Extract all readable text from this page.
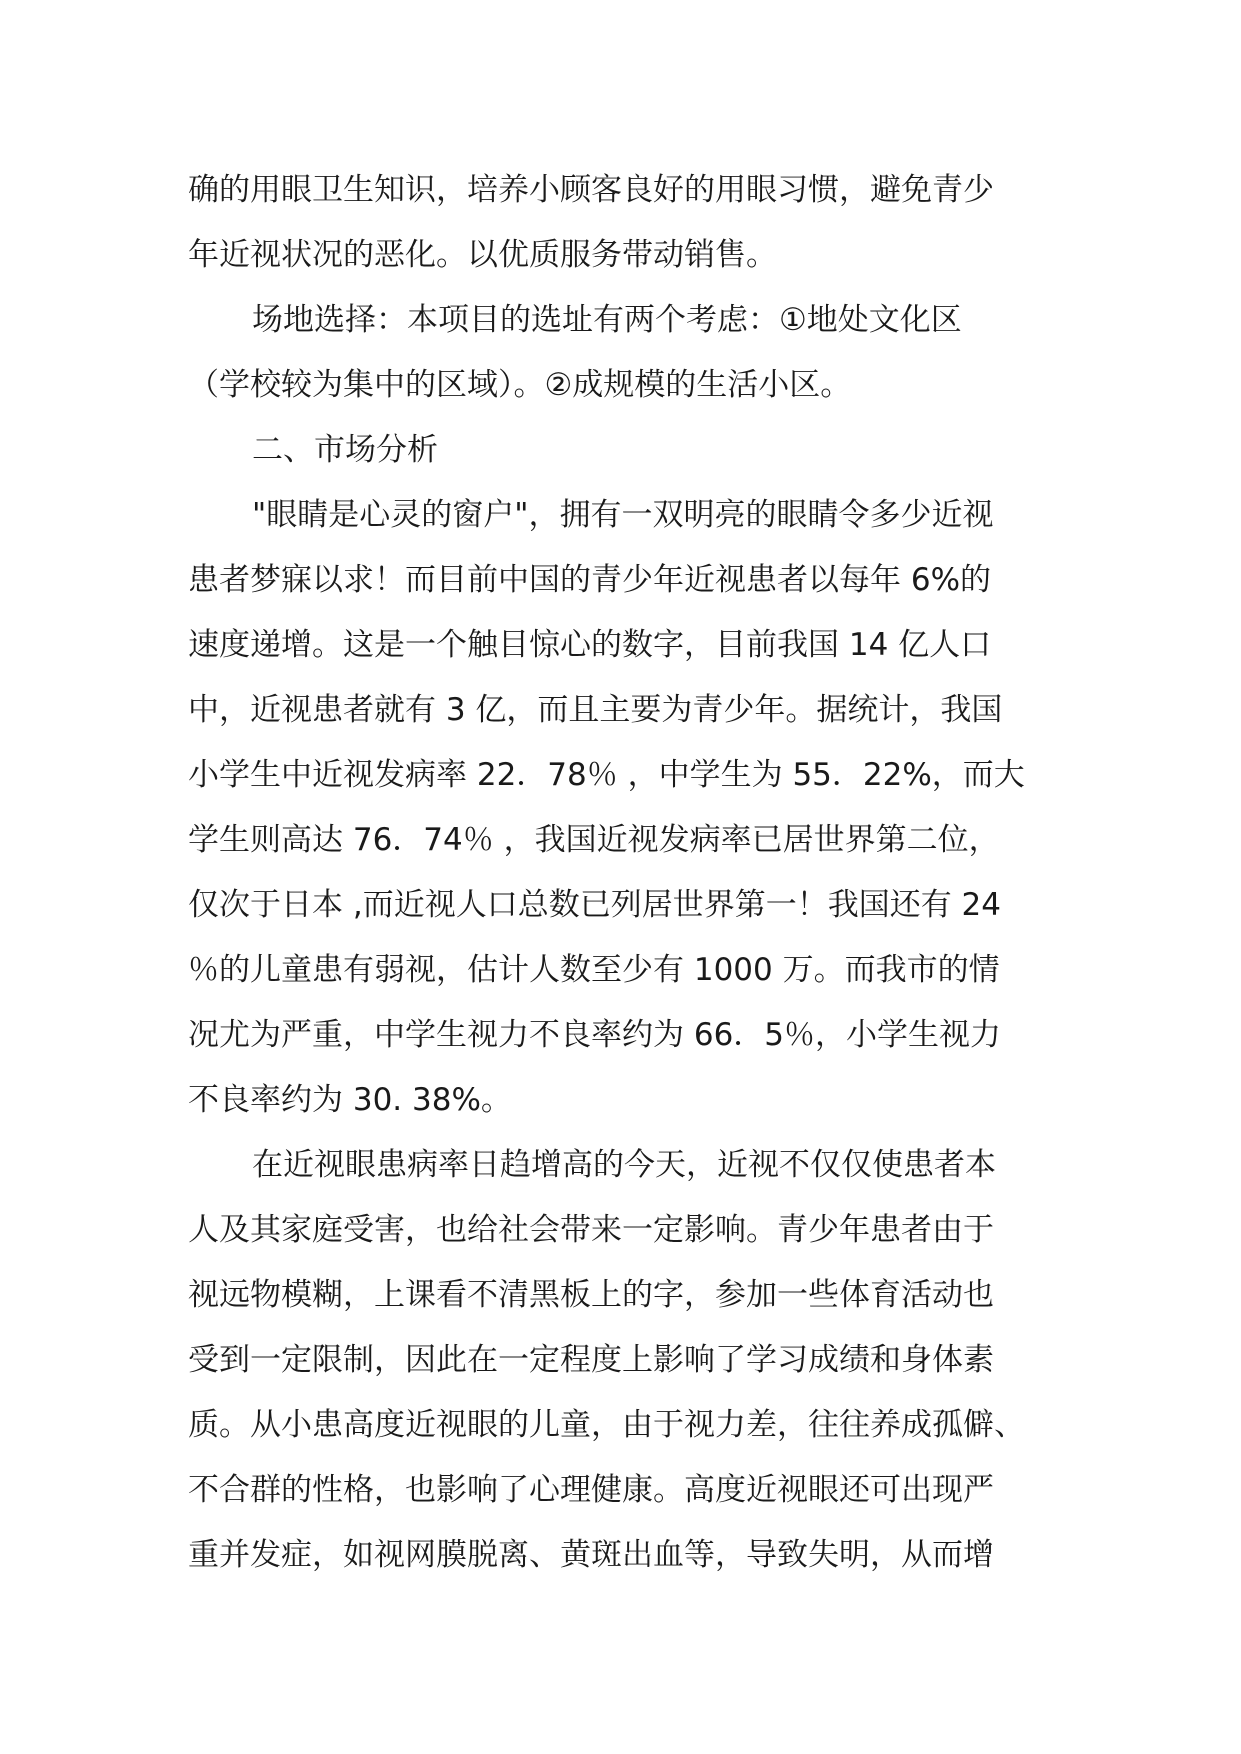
确的用眼卫生知识，培养小顾客良好的用眼习惯，避免青少
年近视状况的恶化。以优质服务带动销售。
场地选择：本项目的选址有两个考虑：①地处文化区
（学校较为集中的区域）。②成规模的生活小区。
二、市场分析
"眼睛是心灵的窗户"，拥有一双明亮的眼睛令多少近视
患者梦寐以求！而目前中国的青少年近视患者以每年 6%的
速度递增。这是一个触目惊心的数字，目前我国 14 亿人口
中，近视患者就有 3 亿，而且主要为青少年。据统计，我国
小学生中近视发病率 22．78％ ，中学生为 55．22%，而大
学生则高达 76．74％ ，我国近视发病率已居世界第二位，
仅次于日本 ,而近视人口总数已列居世界第一！我国还有 24
％的儿童患有弱视，估计人数至少有 1000 万。而我市的情
况尤为严重，中学生视力不良率约为 66．5％，小学生视力
不良率约为 30. 38%。
在近视眼患病率日趋增高的今天，近视不仅仅使患者本
人及其家庭受害，也给社会带来一定影响。青少年患者由于
视远物模糊，上课看不清黑板上的字，参加一些体育活动也
受到一定限制，因此在一定程度上影响了学习成绩和身体素
质。从小患高度近视眼的儿童，由于视力差，往往养成孤僻、
不合群的性格，也影响了心理健康。高度近视眼还可出现严
重并发症，如视网膜脱离、黄斑出血等，导致失明，从而增
